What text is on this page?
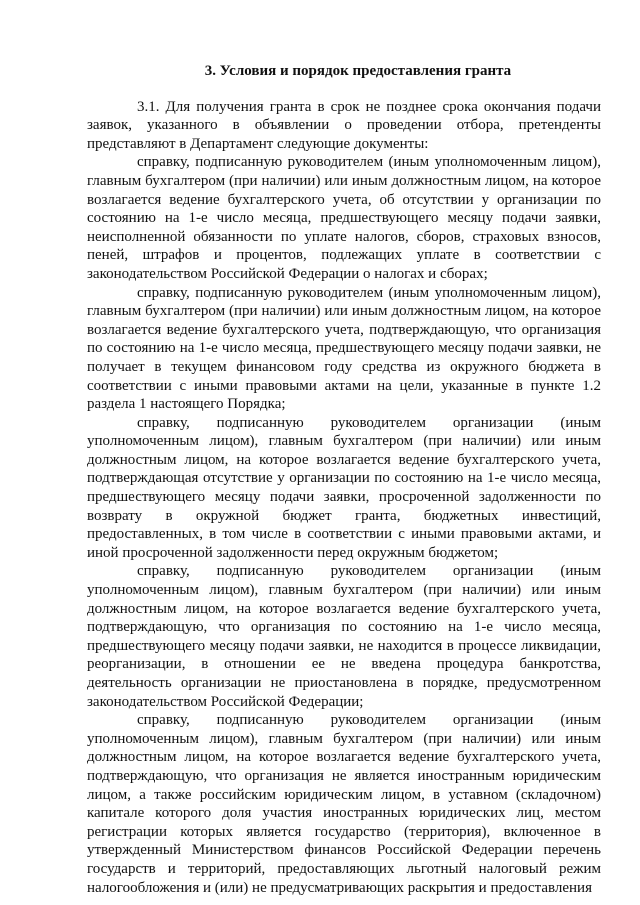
3. Условия и порядок предоставления гранта

3.1. Для получения гранта в срок не позднее срока окончания подачи заявок, указанного в объявлении о проведении отбора, претенденты представляют в Департамент следующие документы:

справку, подписанную руководителем (иным уполномоченным лицом), главным бухгалтером (при наличии) или иным должностным лицом, на которое возлагается ведение бухгалтерского учета, об отсутствии у организации по состоянию на 1-е число месяца, предшествующего месяцу подачи заявки, неисполненной обязанности по уплате налогов, сборов, страховых взносов, пеней, штрафов и процентов, подлежащих уплате в соответствии с законодательством Российской Федерации о налогах и сборах;

справку, подписанную руководителем (иным уполномоченным лицом), главным бухгалтером (при наличии) или иным должностным лицом, на которое возлагается ведение бухгалтерского учета, подтверждающую, что организация по состоянию на 1-е число месяца, предшествующего месяцу подачи заявки, не получает в текущем финансовом году средства из окружного бюджета в соответствии с иными правовыми актами на цели, указанные в пункте 1.2 раздела 1 настоящего Порядка;

справку, подписанную руководителем организации (иным уполномоченным лицом), главным бухгалтером (при наличии) или иным должностным лицом, на которое возлагается ведение бухгалтерского учета, подтверждающая отсутствие у организации по состоянию на 1-е число месяца, предшествующего месяцу подачи заявки, просроченной задолженности по возврату в окружной бюджет гранта, бюджетных инвестиций, предоставленных, в том числе в соответствии с иными правовыми актами, и иной просроченной задолженности перед окружным бюджетом;

справку, подписанную руководителем организации (иным уполномоченным лицом), главным бухгалтером (при наличии) или иным должностным лицом, на которое возлагается ведение бухгалтерского учета, подтверждающую, что организация по состоянию на 1-е число месяца, предшествующего месяцу подачи заявки, не находится в процессе ликвидации, реорганизации, в отношении ее не введена процедура банкротства, деятельность организации не приостановлена в порядке, предусмотренном законодательством Российской Федерации;

справку, подписанную руководителем организации (иным уполномоченным лицом), главным бухгалтером (при наличии) или иным должностным лицом, на которое возлагается ведение бухгалтерского учета, подтверждающую, что организация не является иностранным юридическим лицом, а также российским юридическим лицом, в уставном (складочном) капитале которого доля участия иностранных юридических лиц, местом регистрации которых является государство (территория), включенное в утвержденный Министерством финансов Российской Федерации перечень государств и территорий, предоставляющих льготный налоговый режим налогообложения и (или) не предусматривающих раскрытия и предоставления
